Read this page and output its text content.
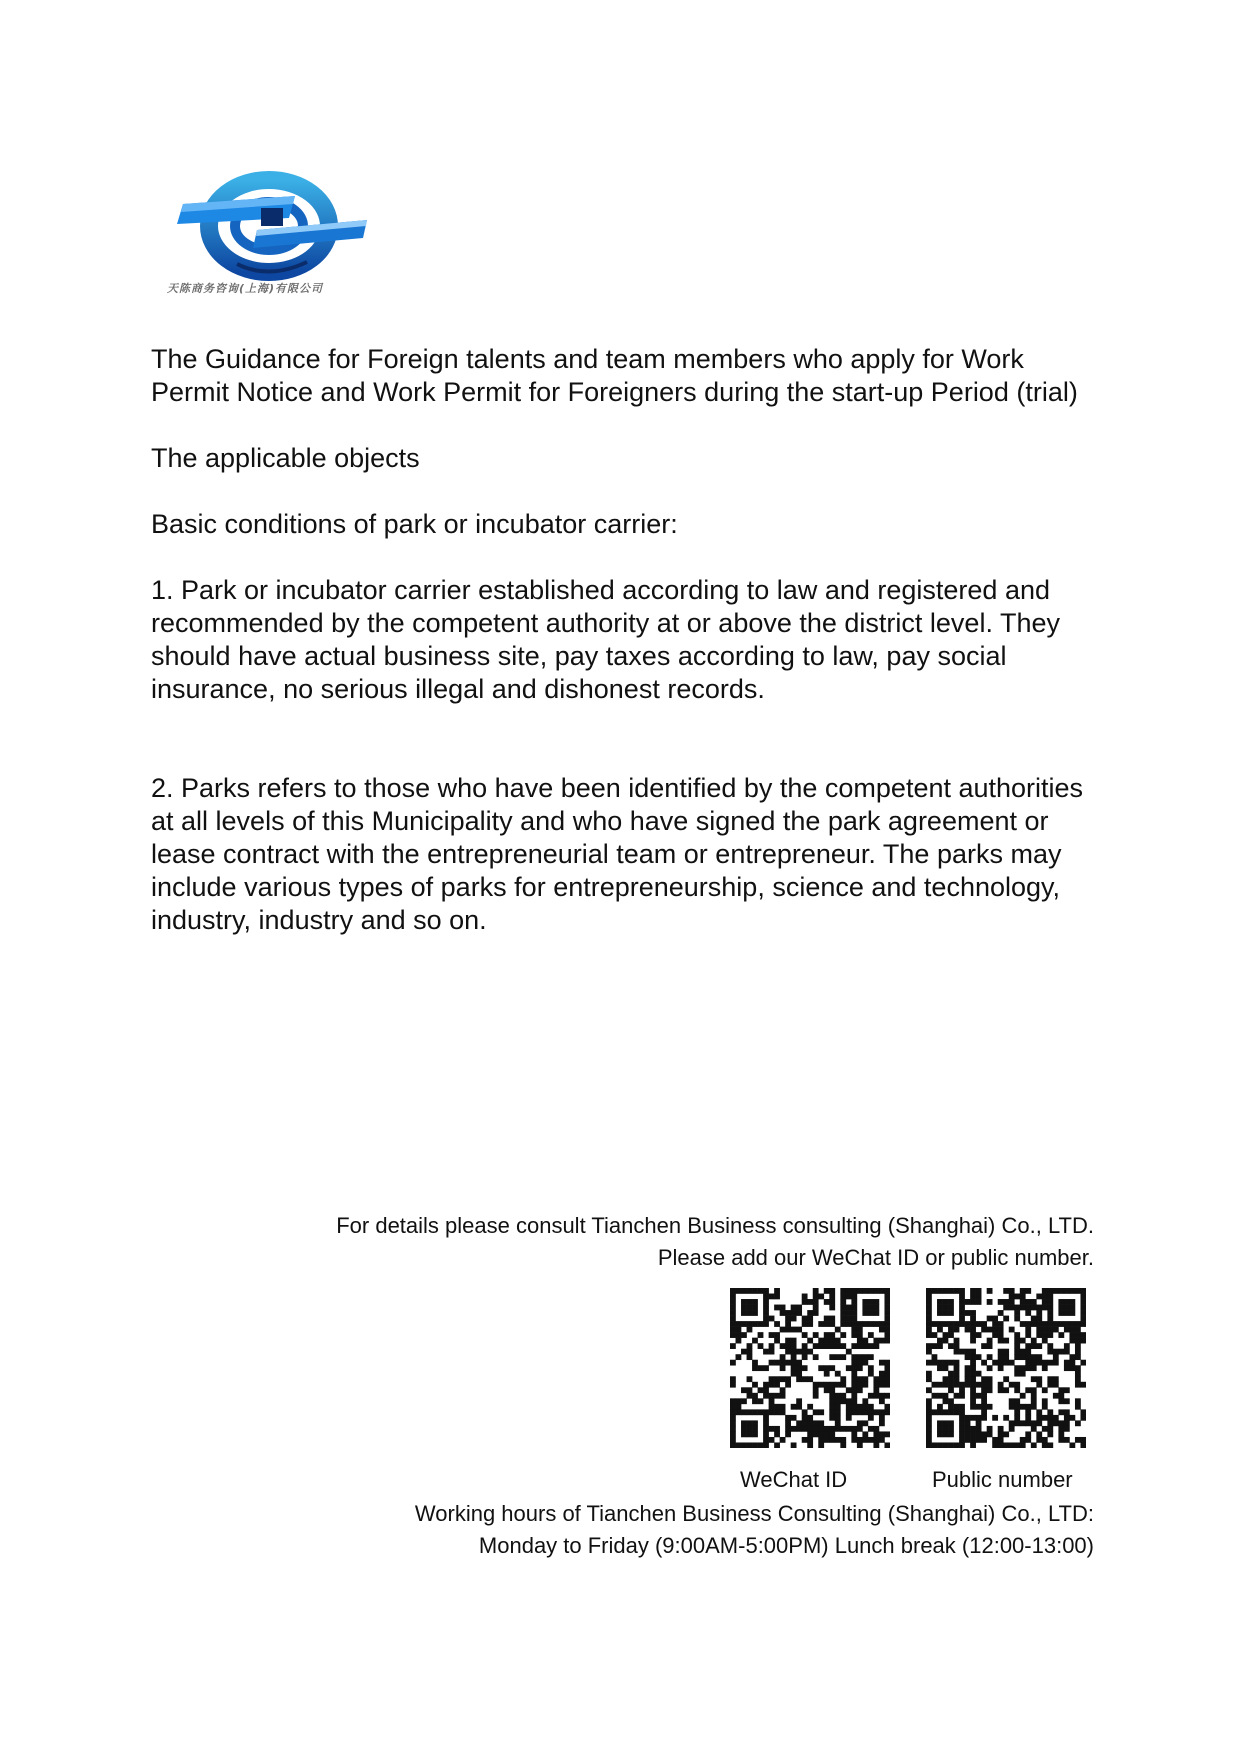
天陈商务咨询(上海)有限公司

The Guidance for Foreign talents and team members who apply for Work Permit Notice and Work Permit for Foreigners during the start-up Period (trial)

The applicable objects

Basic conditions of park or incubator carrier:

1. Park or incubator carrier established according to law and registered and recommended by the competent authority at or above the district level. They should have actual business site, pay taxes according to law, pay social insurance, no serious illegal and dishonest records.

2. Parks refers to those who have been identified by the competent authorities at all levels of this Municipality and who have signed the park agreement or lease contract with the entrepreneurial team or entrepreneur. The parks may include various types of parks for entrepreneurship, science and technology, industry, industry and so on.

For details please consult Tianchen Business consulting (Shanghai) Co., LTD.
Please add our WeChat ID or public number.
WeChat ID	Public number
Working hours of Tianchen Business Consulting (Shanghai) Co., LTD:
Monday to Friday (9:00AM-5:00PM) Lunch break (12:00-13:00)
